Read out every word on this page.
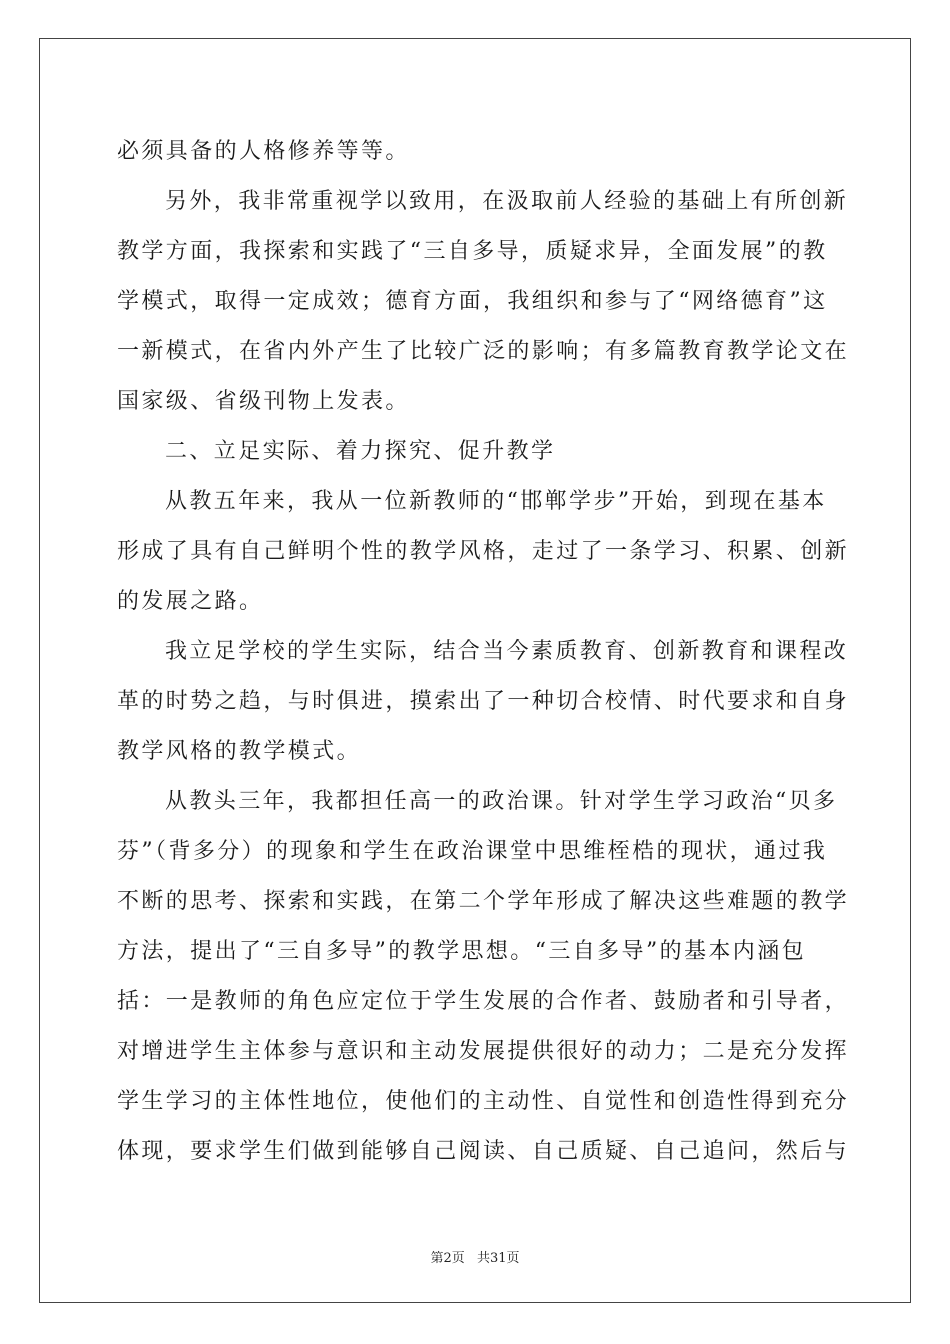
必须具备的人格修养等等。
另外，我非常重视学以致用，在汲取前人经验的基础上有所创新
教学方面，我探索和实践了“三自多导，质疑求异，全面发展”的教
学模式，取得一定成效；德育方面，我组织和参与了“网络德育”这
一新模式，在省内外产生了比较广泛的影响；有多篇教育教学论文在
国家级、省级刊物上发表。
二、立足实际、着力探究、促升教学
从教五年来，我从一位新教师的“邯郸学步”开始，到现在基本
形成了具有自己鲜明个性的教学风格，走过了一条学习、积累、创新
的发展之路。
我立足学校的学生实际，结合当今素质教育、创新教育和课程改
革的时势之趋，与时俱进，摸索出了一种切合校情、时代要求和自身
教学风格的教学模式。
从教头三年，我都担任高一的政治课。针对学生学习政治“贝多
芬”（背多分）的现象和学生在政治课堂中思维桎梏的现状，通过我
不断的思考、探索和实践，在第二个学年形成了解决这些难题的教学
方法，提出了“三自多导”的教学思想。“三自多导”的基本内涵包
括：一是教师的角色应定位于学生发展的合作者、鼓励者和引导者，
对增进学生主体参与意识和主动发展提供很好的动力；二是充分发挥
学生学习的主体性地位，使他们的主动性、自觉性和创造性得到充分
体现，要求学生们做到能够自己阅读、自己质疑、自己追问，然后与
第2页 共31页
